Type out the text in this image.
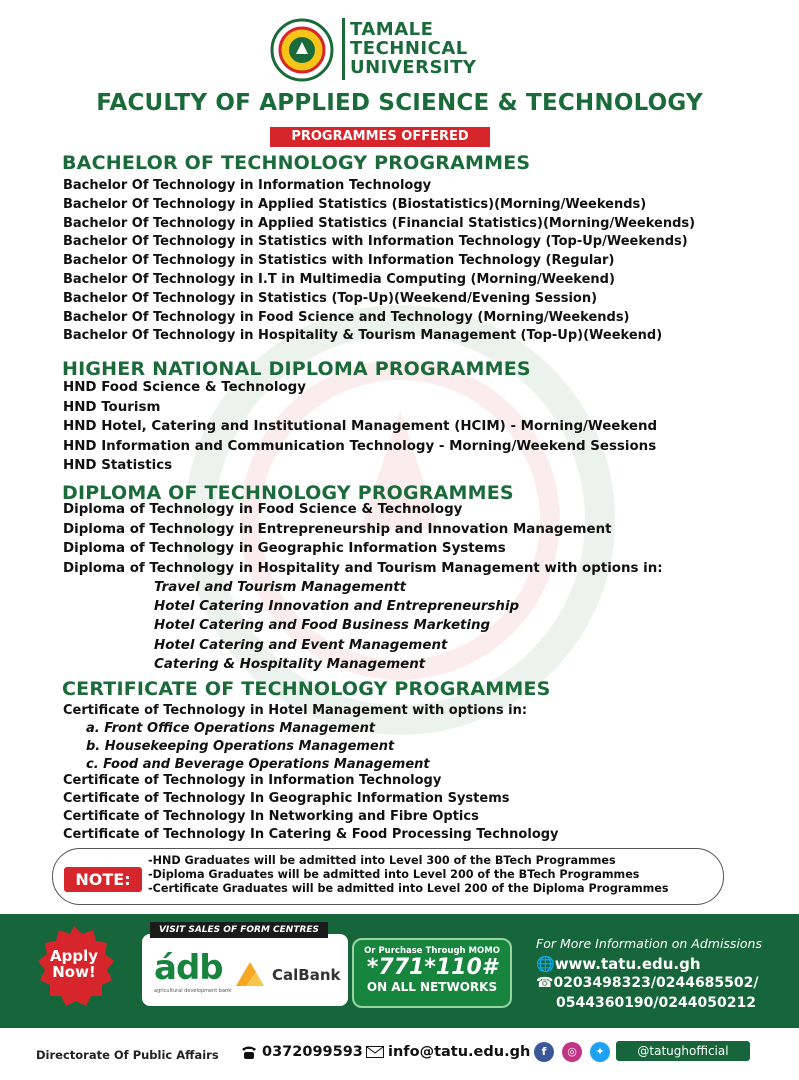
TAMALE
TECHNICAL
UNIVERSITY
FACULTY OF APPLIED SCIENCE & TECHNOLOGY
PROGRAMMES OFFERED
BACHELOR OF TECHNOLOGY PROGRAMMES
Bachelor Of Technology in Information Technology
Bachelor Of Technology in Applied Statistics (Biostatistics)(Morning/Weekends)
Bachelor Of Technology in Applied Statistics (Financial Statistics)(Morning/Weekends)
Bachelor Of Technology in Statistics with Information Technology (Top-Up/Weekends)
Bachelor Of Technology in Statistics with Information Technology (Regular)
Bachelor Of Technology in I.T in Multimedia Computing (Morning/Weekend)
Bachelor Of Technology in Statistics (Top-Up)(Weekend/Evening Session)
Bachelor Of Technology in Food Science and Technology (Morning/Weekends)
Bachelor Of Technology in Hospitality & Tourism Management (Top-Up)(Weekend)
HIGHER NATIONAL DIPLOMA PROGRAMMES
HND Food Science & Technology
HND Tourism
HND Hotel, Catering and Institutional Management (HCIM) - Morning/Weekend
HND Information and Communication Technology - Morning/Weekend Sessions
HND Statistics
DIPLOMA OF TECHNOLOGY PROGRAMMES
Diploma of Technology in Food Science & Technology
Diploma of Technology in Entrepreneurship and Innovation Management
Diploma of Technology in Geographic Information Systems
Diploma of Technology in Hospitality and Tourism Management with options in:
Travel and Tourism Managementt
Hotel Catering Innovation and Entrepreneurship
Hotel Catering and Food Business Marketing
Hotel Catering and Event Management
Catering & Hospitality Management
CERTIFICATE OF TECHNOLOGY PROGRAMMES
Certificate of Technology in Hotel Management with options in:
a. Front Office Operations Management
b. Housekeeping Operations Management
c. Food and Beverage Operations Management
Certificate of Technology in Information Technology
Certificate of Technology In Geographic Information Systems
Certificate of Technology In Networking and Fibre Optics
Certificate of Technology In Catering & Food Processing Technology
NOTE:
-HND Graduates will be admitted into Level 300 of the BTech Programmes
-Diploma Graduates will be admitted into Level 200 of the BTech Programmes
-Certificate Graduates will be admitted into Level 200 of the Diploma Programmes
Apply
Now!
VISIT SALES OF FORM CENTRES
ádb
agricultural development bank
CalBank
Or Purchase Through MOMO
*771*110#
ON ALL NETWORKS
For More Information on Admissions
🌐www.tatu.edu.gh
☎0203498323/0244685502/
0544360190/0244050212
Directorate Of Public Affairs	0372099593 info@tatu.edu.gh	f	◎	✦	@tatughofficial
